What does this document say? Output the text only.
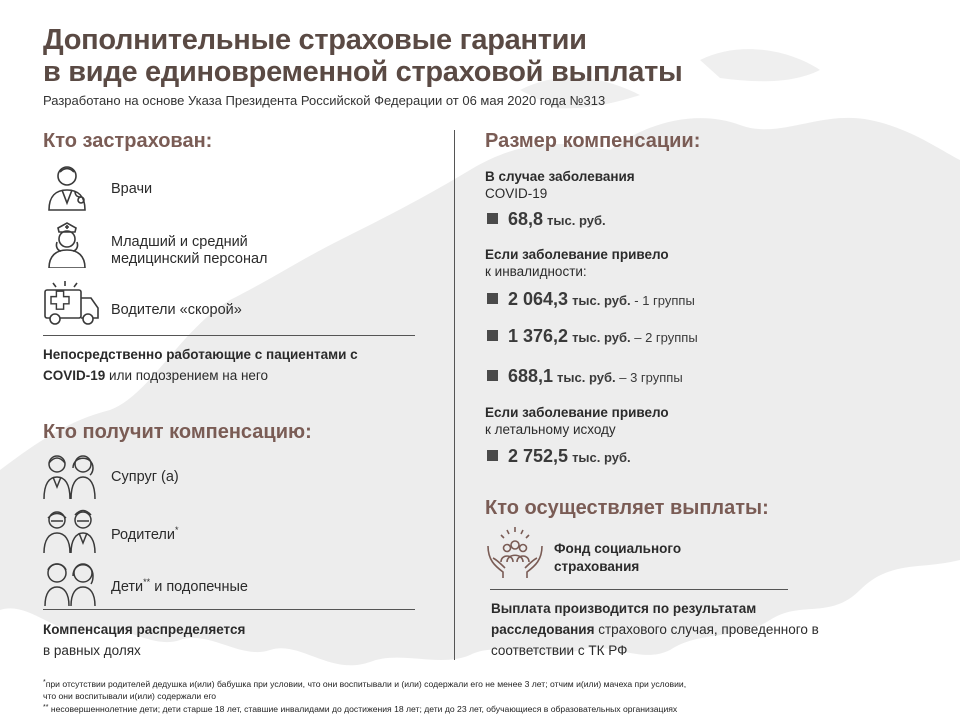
Дополнительные страховые гарантии
в виде единовременной страховой выплаты
Разработано на основе Указа Президента Российской Федерации от 06 мая 2020 года №313
Кто застрахован:
Врачи
Младший и средний
медицинский персонал
Водители «скорой»
Непосредственно работающие с пациентами с COVID-19 или подозрением на него
Кто получит компенсацию:
Супруг (а)
Родители*
Дети** и подопечные
Компенсация распределяется
в равных долях
Размер компенсации:
В случае заболевания
COVID-19
68,8 тыс. руб.
Если заболевание привело
к инвалидности:
2 064,3 тыс. руб. - 1 группы
1 376,2 тыс. руб. – 2 группы
688,1 тыс. руб. – 3 группы
Если заболевание привело
к летальному исходу
2 752,5 тыс. руб.
Кто осуществляет выплаты:
Фонд социального
страхования
Выплата производится по результатам
расследования страхового случая, проведенного в
соответствии с ТК РФ
*при отсутствии родителей дедушка и(или) бабушка при условии, что они воспитывали и (или) содержали его не менее 3 лет; отчим и(или) мачеха при условии,
что они воспитывали и(или) содержали его
** несовершеннолетние дети; дети старше 18 лет, ставшие инвалидами до достижения 18 лет; дети до 23 лет, обучающиеся в образовательных организациях
